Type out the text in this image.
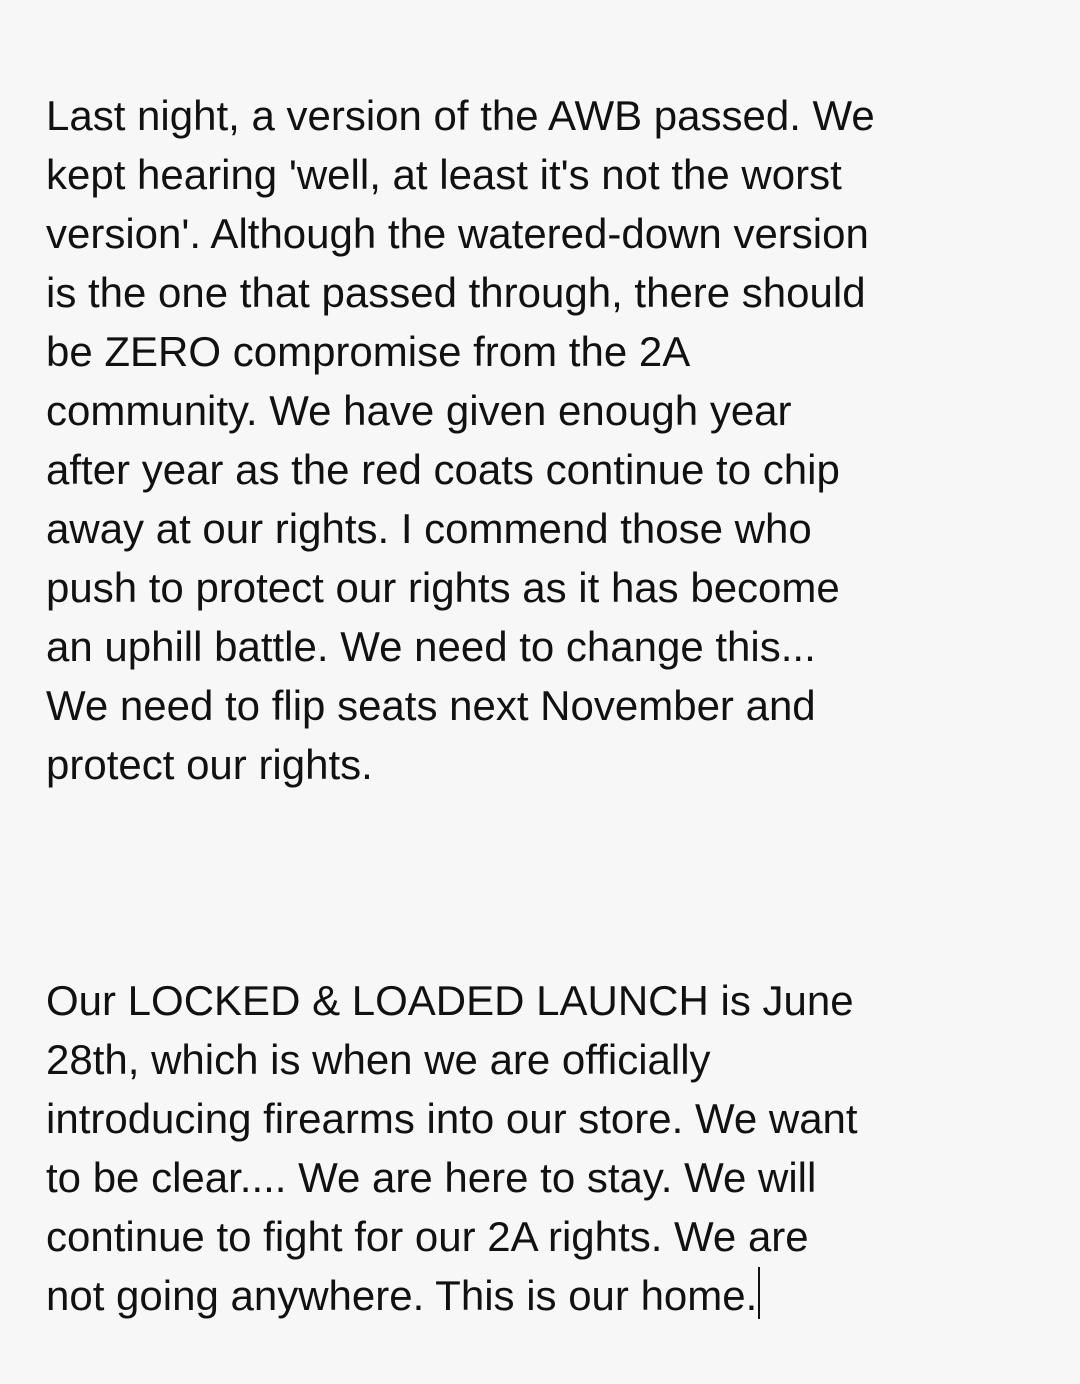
Last night, a version of the AWB passed. We
kept hearing 'well, at least it's not the worst
version'. Although the watered-down version
is the one that passed through, there should
be ZERO compromise from the 2A
community. We have given enough year
after year as the red coats continue to chip
away at our rights. I commend those who
push to protect our rights as it has become
an uphill battle. We need to change this...
We need to flip seats next November and
protect our rights.

Our LOCKED & LOADED LAUNCH is June
28th, which is when we are officially
introducing firearms into our store. We want
to be clear.... We are here to stay. We will
continue to fight for our 2A rights. We are
not going anywhere. This is our home.
